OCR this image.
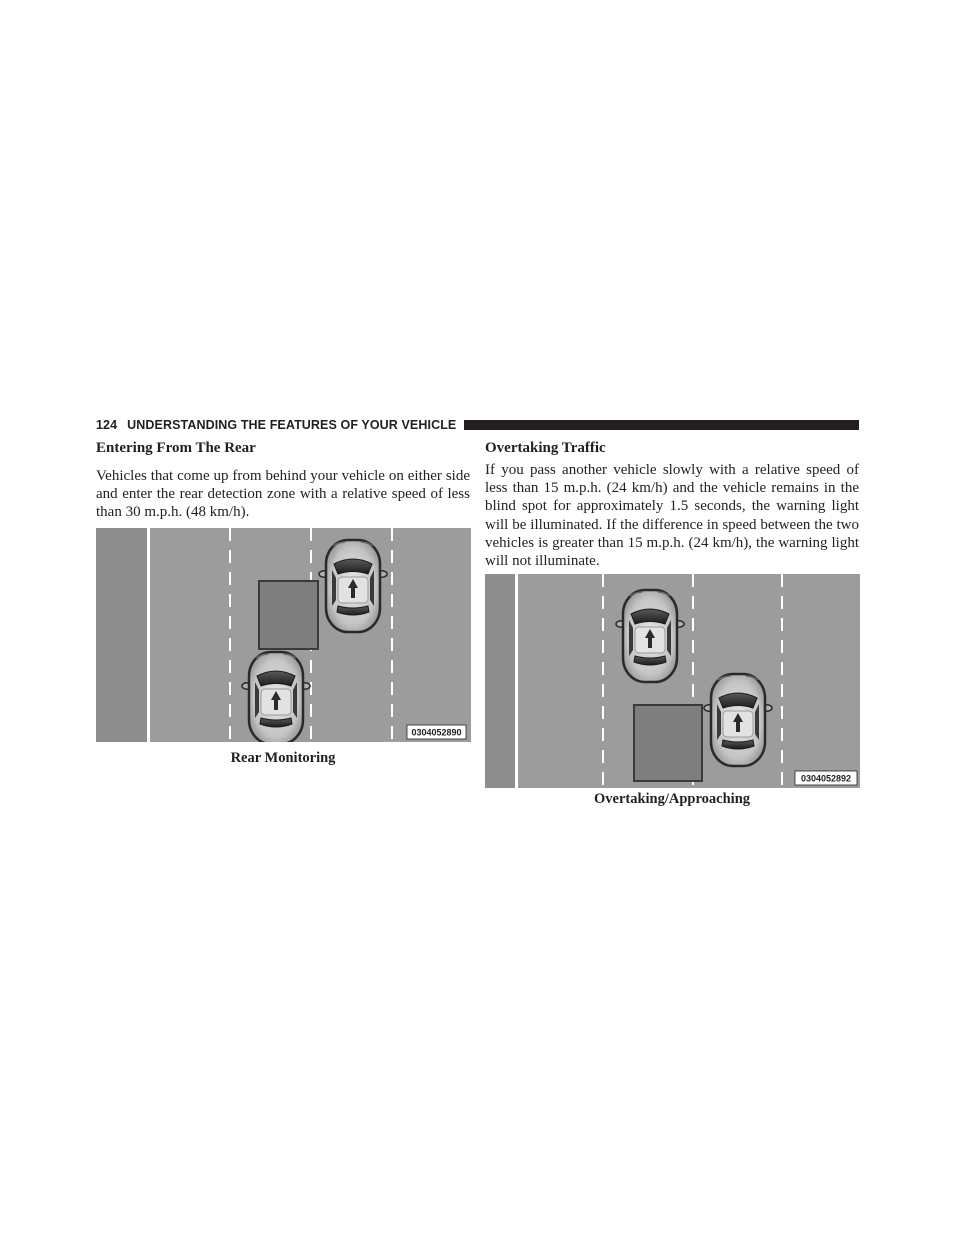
124 UNDERSTANDING THE FEATURES OF YOUR VEHICLE
Entering From The Rear

Vehicles that come up from behind your vehicle on either side and enter the rear detection zone with a relative speed of less than 30 m.p.h. (48 km/h).

0304052890
Rear Monitoring
Overtaking Traffic

If you pass another vehicle slowly with a relative speed of less than 15 m.p.h. (24 km/h) and the vehicle remains in the blind spot for approximately 1.5 seconds, the warning light will be illuminated. If the difference in speed between the two vehicles is greater than 15 m.p.h. (24 km/h), the warning light will not illuminate.

0304052892
Overtaking/Approaching
